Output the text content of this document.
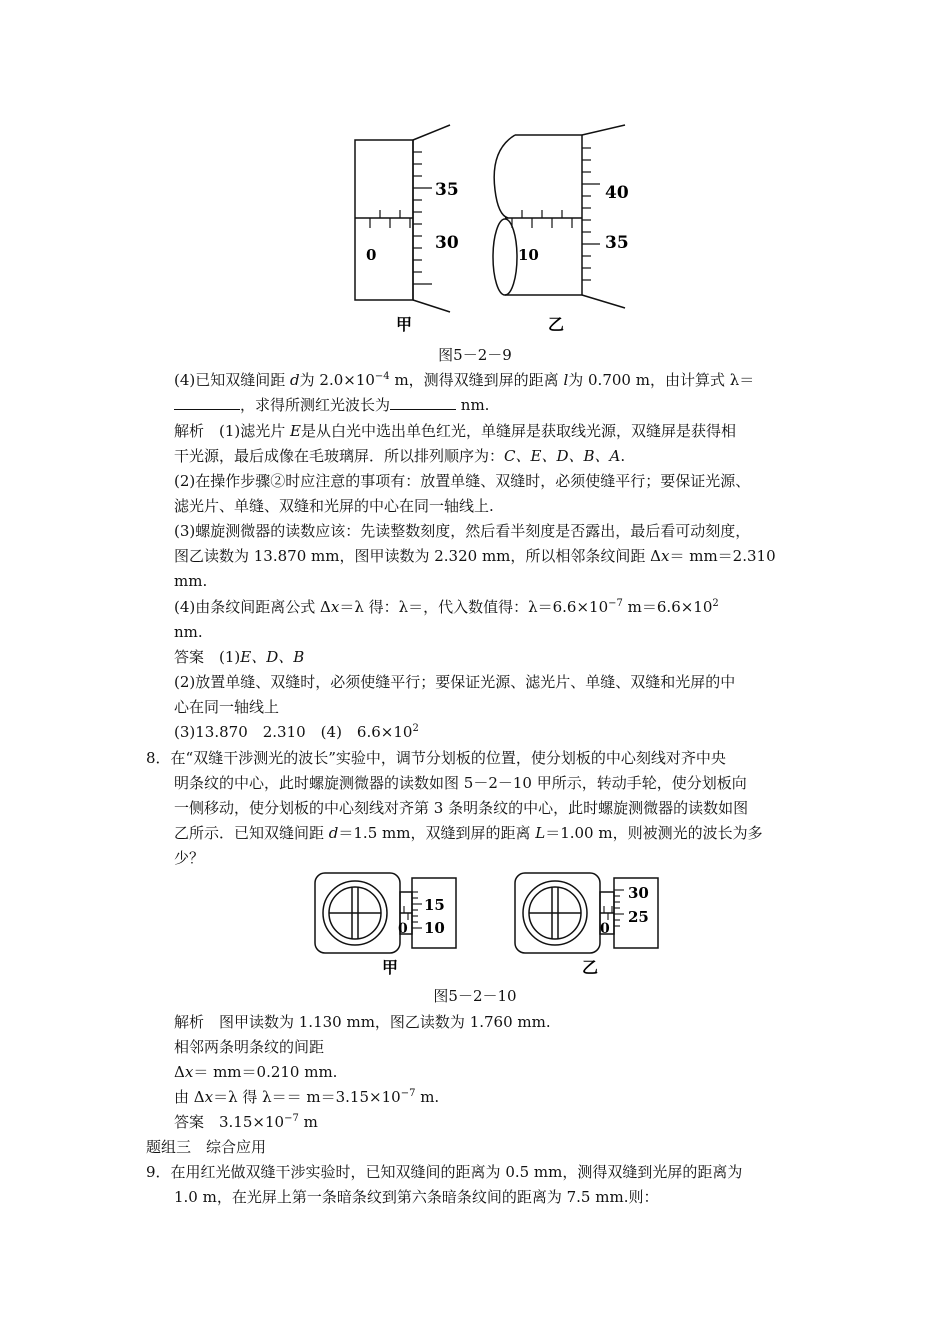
35
30
0
甲
40
35
10
乙
图5－2－9
(4)已知双缝间距 d为 $2.0\times 10^{-4}$ m，测得双缝到屏的距离 l为 0.700 m，由计算式 λ＝
，求得所测红光波长为	nm.
解析　(1)滤光片 E是从白光中选出单色红光，单缝屏是获取线光源，双缝屏是获得相
干光源，最后成像在毛玻璃屏．所以排列顺序为：C、E、D、B、A.
(2)在操作步骤②时应注意的事项有：放置单缝、双缝时，必须使缝平行；要保证光源、
滤光片、单缝、双缝和光屏的中心在同一轴线上.
(3)螺旋测微器的读数应该：先读整数刻度，然后看半刻度是否露出，最后看可动刻度，
图乙读数为 13.870 mm，图甲读数为 2.320 mm，所以相邻条纹间距 Δx＝ mm＝2.310
mm.
(4)由条纹间距离公式 Δx＝λ 得：λ＝，代入数值得：$\lambda=6.6\times 10^{-7}$ $m=6.6\times 10^2$
nm.
答案　(1)E、D、B
(2)放置单缝、双缝时，必须使缝平行；要保证光源、滤光片、单缝、双缝和光屏的中
心在同一轴线上
(3)13.870　2.310　(4)　$6.6\times 10^2$
8．在“双缝干涉测光的波长”实验中，调节分划板的位置，使分划板的中心刻线对齐中央
明条纹的中心，此时螺旋测微器的读数如图 5－2－10 甲所示，转动手轮，使分划板向
一侧移动，使分划板的中心刻线对齐第 3 条明条纹的中心，此时螺旋测微器的读数如图
乙所示．已知双缝间距 d＝1.5 mm，双缝到屏的距离 L＝1.00 m，则被测光的波长为多
少？
15
10
0
甲
30
25
0
乙
图5－2－10
解析　图甲读数为 1.130 mm，图乙读数为 1.760 mm.
相邻两条明条纹的间距
Δx＝ mm＝0.210 mm.
由 Δx＝λ 得 $\lambda== m=3.15\times 10^{-7}$ m.
答案　$3.15\times 10^{-7}$ m
题组三　综合应用
9．在用红光做双缝干涉实验时，已知双缝间的距离为 0.5 mm，测得双缝到光屏的距离为
1.0 m，在光屏上第一条暗条纹到第六条暗条纹间的距离为 7.5 mm.则：
